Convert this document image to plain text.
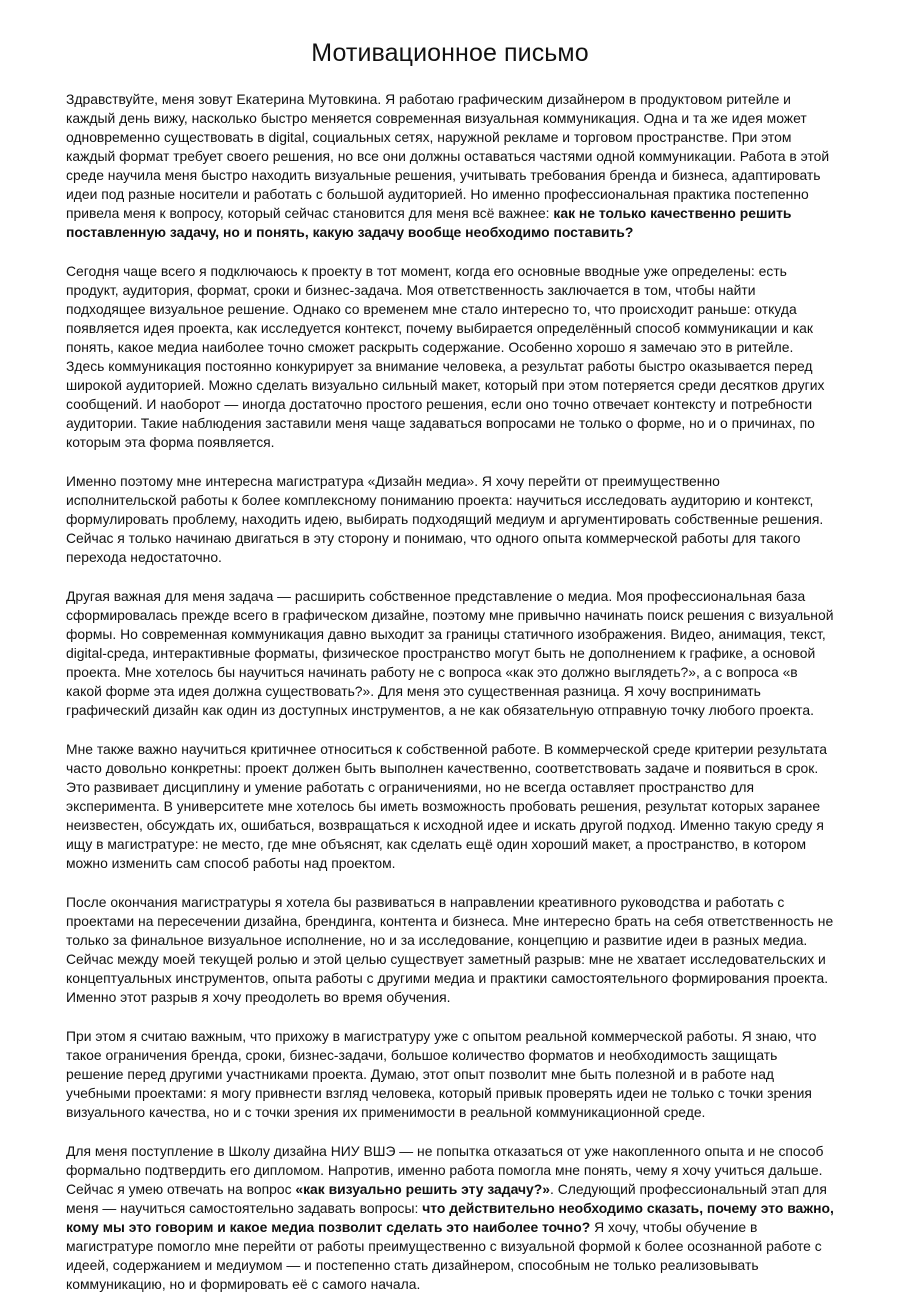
Мотивационное письмо

Здравствуйте, меня зовут Екатерина Мутовкина. Я работаю графическим дизайнером в продуктовом ритейле и каждый день вижу, насколько быстро меняется современная визуальная коммуникация. Одна и та же идея может одновременно существовать в digital, социальных сетях, наружной рекламе и торговом пространстве. При этом каждый формат требует своего решения, но все они должны оставаться частями одной коммуникации. Работа в этой среде научила меня быстро находить визуальные решения, учитывать требования бренда и бизнеса, адаптировать идеи под разные носители и работать с большой аудиторией. Но именно профессиональная практика постепенно привела меня к вопросу, который сейчас становится для меня всё важнее: как не только качественно решить поставленную задачу, но и понять, какую задачу вообще необходимо поставить?

Сегодня чаще всего я подключаюсь к проекту в тот момент, когда его основные вводные уже определены: есть продукт, аудитория, формат, сроки и бизнес-задача. Моя ответственность заключается в том, чтобы найти подходящее визуальное решение. Однако со временем мне стало интересно то, что происходит раньше: откуда появляется идея проекта, как исследуется контекст, почему выбирается определённый способ коммуникации и как понять, какое медиа наиболее точно сможет раскрыть содержание. Особенно хорошо я замечаю это в ритейле. Здесь коммуникация постоянно конкурирует за внимание человека, а результат работы быстро оказывается перед широкой аудиторией. Можно сделать визуально сильный макет, который при этом потеряется среди десятков других сообщений. И наоборот — иногда достаточно простого решения, если оно точно отвечает контексту и потребности аудитории. Такие наблюдения заставили меня чаще задаваться вопросами не только о форме, но и о причинах, по которым эта форма появляется.

Именно поэтому мне интересна магистратура «Дизайн медиа». Я хочу перейти от преимущественно исполнительской работы к более комплексному пониманию проекта: научиться исследовать аудиторию и контекст, формулировать проблему, находить идею, выбирать подходящий медиум и аргументировать собственные решения. Сейчас я только начинаю двигаться в эту сторону и понимаю, что одного опыта коммерческой работы для такого перехода недостаточно.

Другая важная для меня задача — расширить собственное представление о медиа. Моя профессиональная база сформировалась прежде всего в графическом дизайне, поэтому мне привычно начинать поиск решения с визуальной формы. Но современная коммуникация давно выходит за границы статичного изображения. Видео, анимация, текст, digital-среда, интерактивные форматы, физическое пространство могут быть не дополнением к графике, а основой проекта. Мне хотелось бы научиться начинать работу не с вопроса «как это должно выглядеть?», а с вопроса «в какой форме эта идея должна существовать?». Для меня это существенная разница. Я хочу воспринимать графический дизайн как один из доступных инструментов, а не как обязательную отправную точку любого проекта.

Мне также важно научиться критичнее относиться к собственной работе. В коммерческой среде критерии результата часто довольно конкретны: проект должен быть выполнен качественно, соответствовать задаче и появиться в срок. Это развивает дисциплину и умение работать с ограничениями, но не всегда оставляет пространство для эксперимента. В университете мне хотелось бы иметь возможность пробовать решения, результат которых заранее неизвестен, обсуждать их, ошибаться, возвращаться к исходной идее и искать другой подход. Именно такую среду я ищу в магистратуре: не место, где мне объяснят, как сделать ещё один хороший макет, а пространство, в котором можно изменить сам способ работы над проектом.

После окончания магистратуры я хотела бы развиваться в направлении креативного руководства и работать с проектами на пересечении дизайна, брендинга, контента и бизнеса. Мне интересно брать на себя ответственность не только за финальное визуальное исполнение, но и за исследование, концепцию и развитие идеи в разных медиа. Сейчас между моей текущей ролью и этой целью существует заметный разрыв: мне не хватает исследовательских и концептуальных инструментов, опыта работы с другими медиа и практики самостоятельного формирования проекта. Именно этот разрыв я хочу преодолеть во время обучения.

При этом я считаю важным, что прихожу в магистратуру уже с опытом реальной коммерческой работы. Я знаю, что такое ограничения бренда, сроки, бизнес-задачи, большое количество форматов и необходимость защищать решение перед другими участниками проекта. Думаю, этот опыт позволит мне быть полезной и в работе над учебными проектами: я могу привнести взгляд человека, который привык проверять идеи не только с точки зрения визуального качества, но и с точки зрения их применимости в реальной коммуникационной среде.

Для меня поступление в Школу дизайна НИУ ВШЭ — не попытка отказаться от уже накопленного опыта и не способ формально подтвердить его дипломом. Напротив, именно работа помогла мне понять, чему я хочу учиться дальше. Сейчас я умею отвечать на вопрос «как визуально решить эту задачу?». Следующий профессиональный этап для меня — научиться самостоятельно задавать вопросы: что действительно необходимо сказать, почему это важно, кому мы это говорим и какое медиа позволит сделать это наиболее точно? Я хочу, чтобы обучение в магистратуре помогло мне перейти от работы преимущественно с визуальной формой к более осознанной работе с идеей, содержанием и медиумом — и постепенно стать дизайнером, способным не только реализовывать коммуникацию, но и формировать её с самого начала.
